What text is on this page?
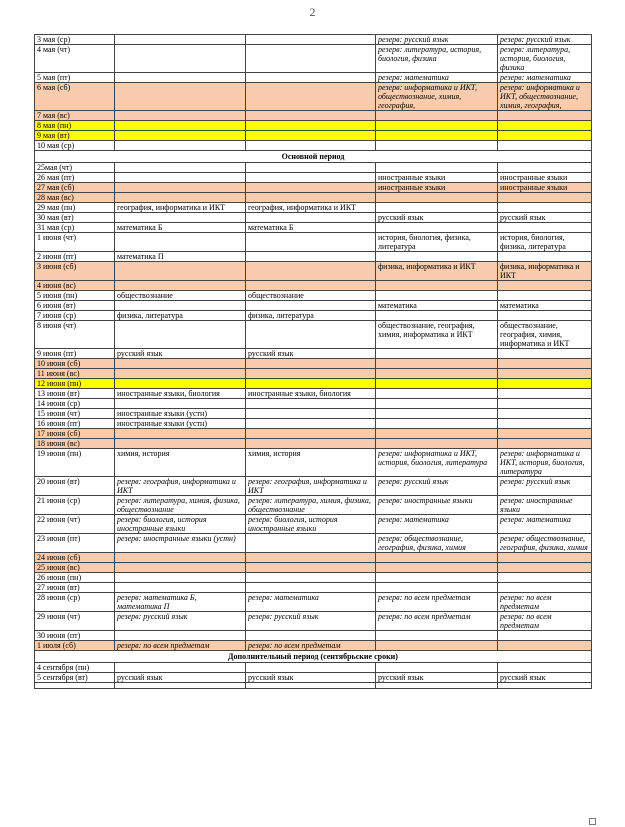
2
3 мая (ср)			резерв: русский язык	резерв: русский язык
4 мая (чт)			резерв: литература, история, биология, физика	резерв: литература, история, биология, физика
5 мая (пт)			резерв: математика	резерв: математика
6 мая (сб)			резерв: информатика и ИКТ, обществознание, химия, география,	резерв: информатика и ИКТ, обществознание, химия, география,
7 мая (вс)				
8 мая (пн)				
9 мая (вт)				
10 мая (ср)				
Основной период				
25мая (чт)				
26 мая (пт)			иностранные языки	иностранные языки
27 мая (сб)			иностранные языки	иностранные языки
28 мая (вс)				
29 мая (пн)	география, информатика и ИКТ	география, информатика и ИКТ		
30 мая (вт)			русский язык	русский язык
31 мая (ср)	математика Б	математика Б		
1 июня (чт)			история, биология, физика, литература	история, биология, физика, литература
2 июня (пт)	математика П			
3 июня (сб)			физика, информатика и ИКТ	физика, информатика и ИКТ
4 июня (вс)				
5 июня (пн)	обществознание	обществознание		
6 июня (вт)			математика	математика
7 июня (ср)	физика, литература	физика, литература		
8 июня (чт)			обществознание, география, химия, информатика и ИКТ	обществознание, география, химия, информатика и ИКТ
9 июня (пт)	русский язык	русский язык		
10 июня (сб)				
11 июня (вс)				
12 июня (пн)				
13 июня (вт)	иностранные языки, биология	иностранные языки, биология		
14 июня (ср)				
15 июня (чт)	иностранные языки (устн)			
16 июня (пт)	иностранные языки (устн)			
17 июня (сб)				
18 июня (вс)				
19 июня (пн)	химия, история	химия, история	резерв: информатика и ИКТ, история, биология, литература	резерв: информатика и ИКТ, история, биология, литература
20 июня (вт)	резерв: география, информатика и ИКТ	резерв: география, информатика и ИКТ	резерв: русский язык	резерв: русский язык
21 июня (ср)	резерв: литература, химия, физика, обществознание	резерв: литература, химия, физика, обществознание	резерв: иностранные языки	резерв: иностранные языки
22 июня (чт)	резерв: биология, история иностранные языки	резерв: биология, история иностранные языки	резерв: математика	резерв: математика
23 июня (пт)	резерв: иностранные языки (устн)		резерв: обществознание, география, физика, химия	резерв: обществознание, география, физика, химия
24 июня (сб)				
25 июня (вс)				
26 июня (пн)				
27 июня (вт)				
28 июня (ср)	резерв: математика Б, математика П	резерв: математика	резерв: по всем предметам	резерв: по всем предметам
29 июня (чт)	резерв: русский язык	резерв: русский язык	резерв: по всем предметам	резерв: по всем предметам
30 июня (пт)				
1 июля (сб)	резерв: по всем предметам	резерв: по всем предметам		
Дополнительный период (сентябрьские сроки)				
4 сентября (пн)				
5 сентября (вт)	русский язык	русский язык	русский язык	русский язык
